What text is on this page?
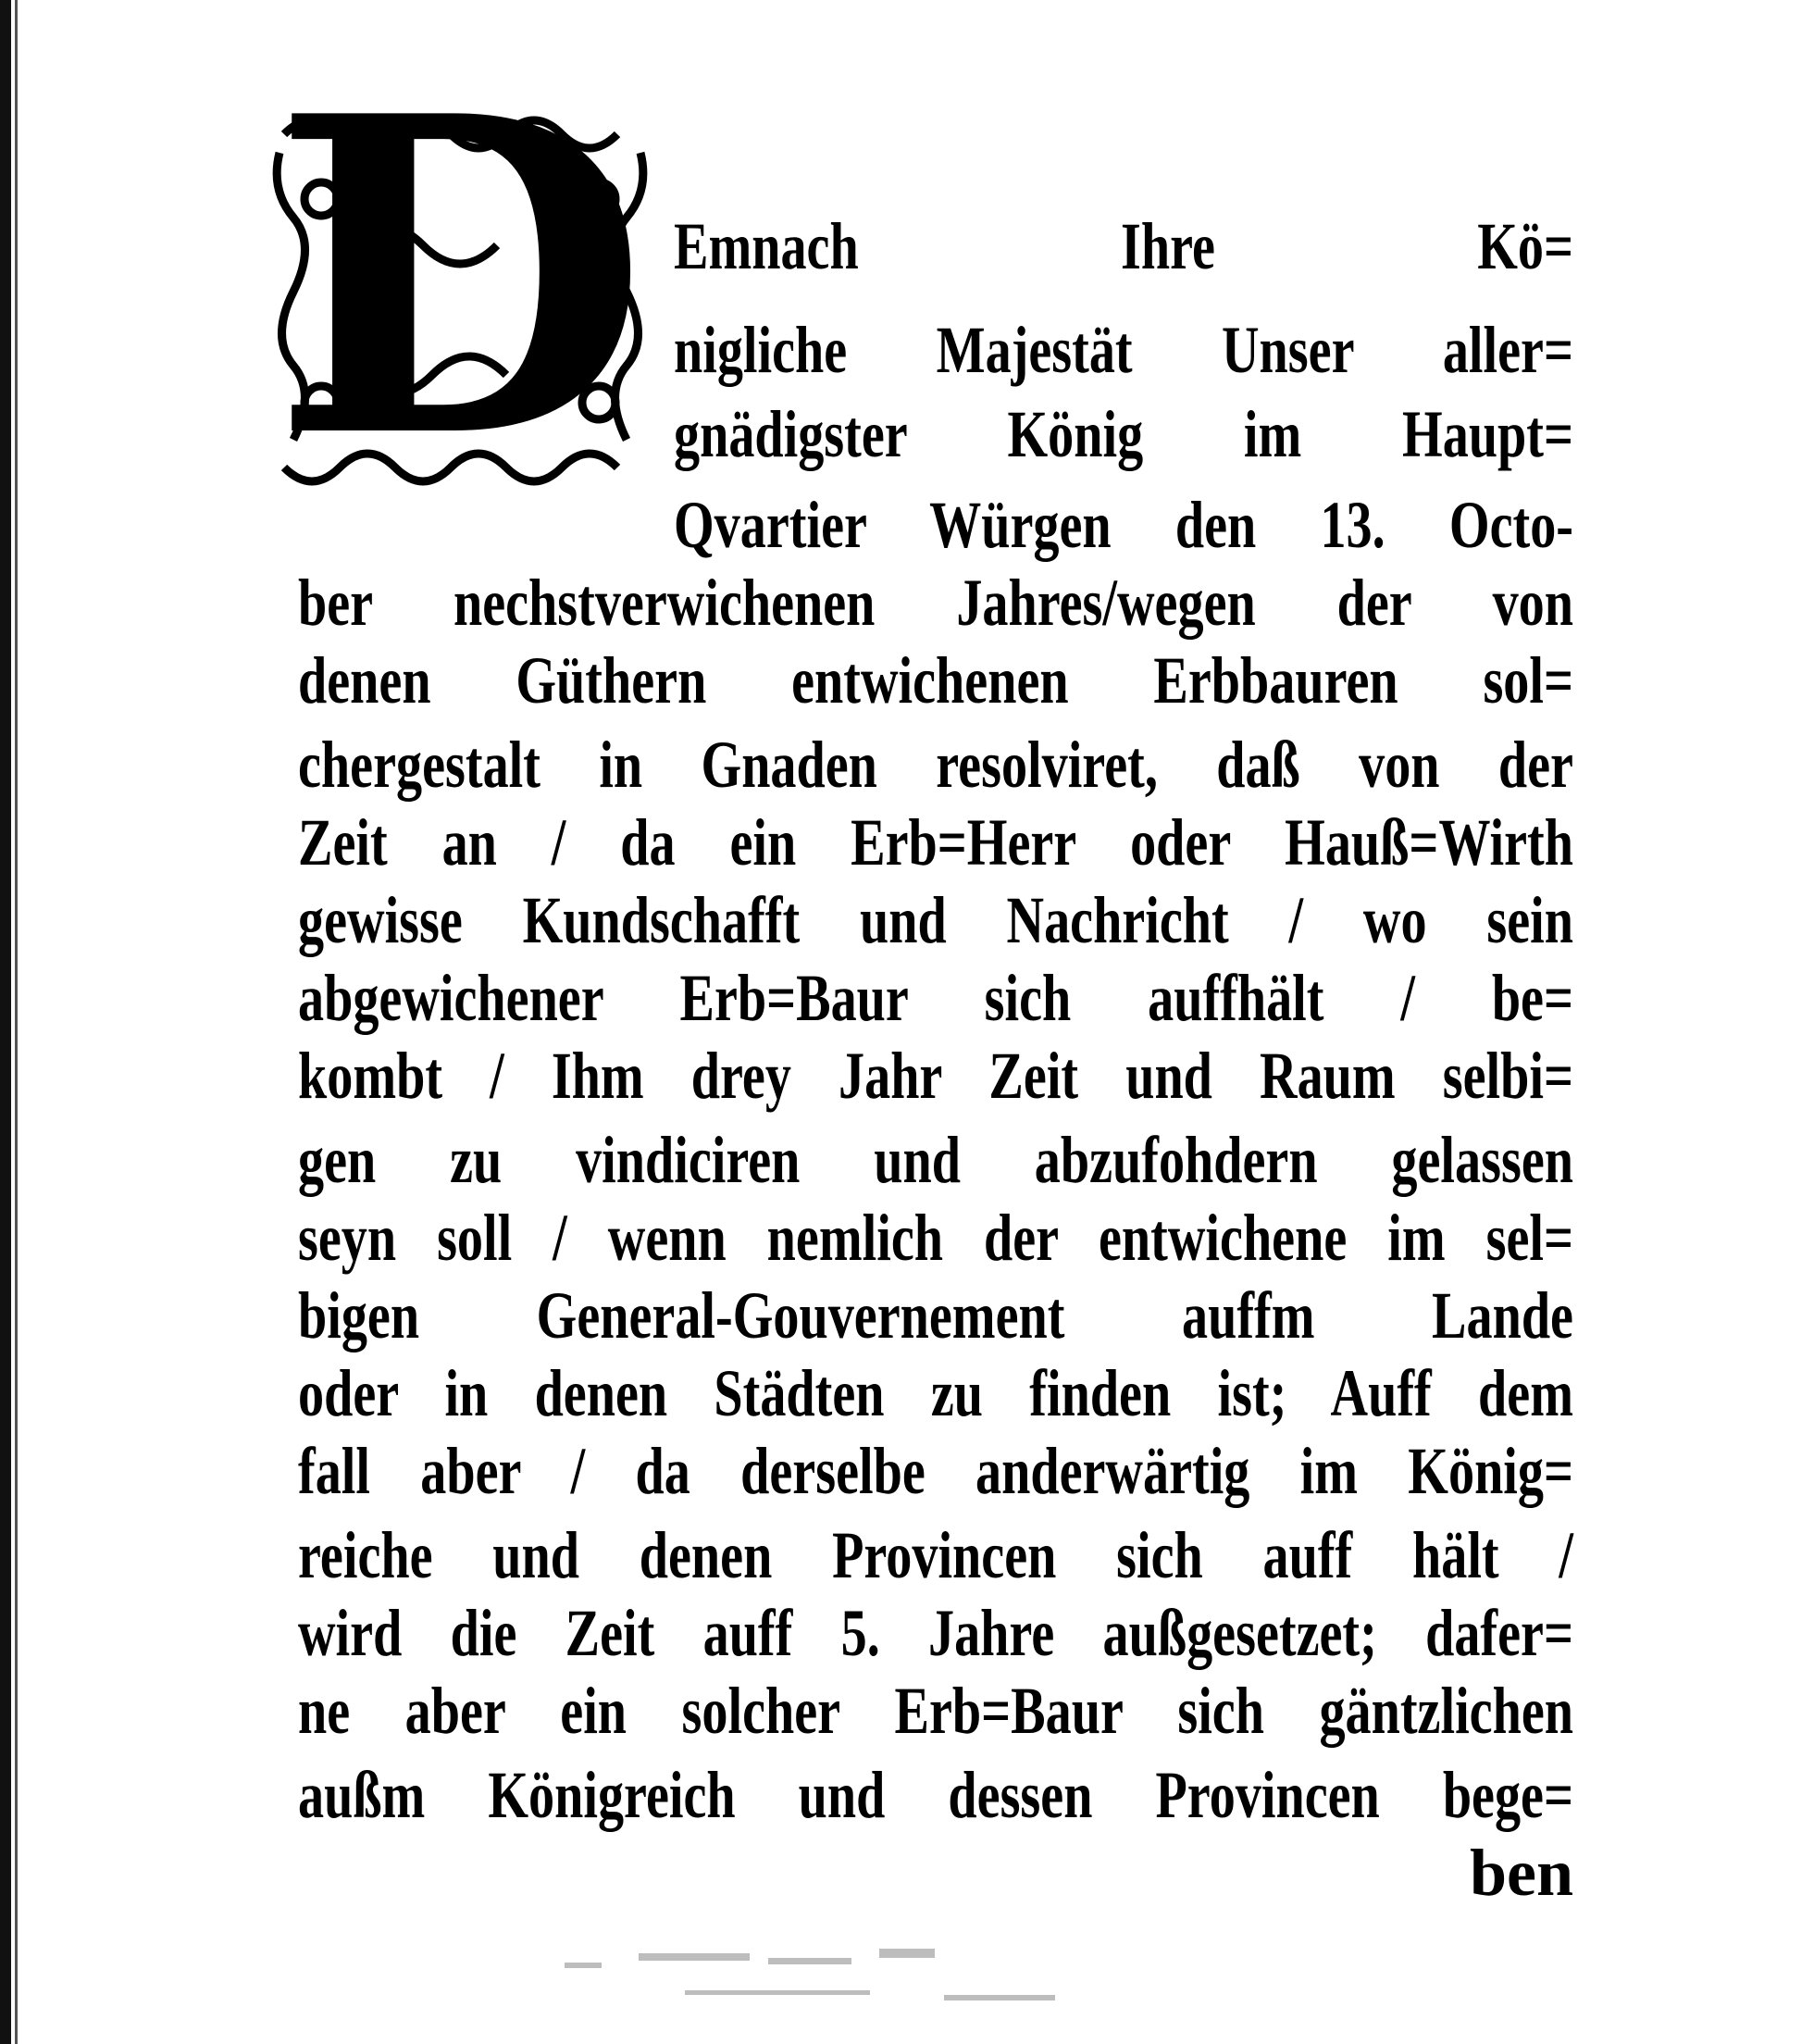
D Emnach Ihre Kö=
nigliche Majestät Unser aller=
gnädigster König im Haupt=
Qvartier Würgen den 13. Octo-
ber nechstverwichenen Jahres/wegen der von
denen Güthern entwichenen Erbbauren sol=
chergestalt in Gnaden resolviret, daß von der
Zeit an / da ein Erb=Herr oder Hauß=Wirth
gewisse Kundschafft und Nachricht / wo sein
abgewichener Erb=Baur sich auffhält / be=
kombt / Ihm drey Jahr Zeit und Raum selbi=
gen zu vindiciren und abzufohdern gelassen
seyn soll / wenn nemlich der entwichene im sel=
bigen General-Gouvernement auffm Lande
oder in denen Städten zu finden ist; Auff dem
fall aber / da derselbe anderwärtig im König=
reiche und denen Provincen sich auff hält /
wird die Zeit auff 5. Jahre außgesetzet; dafer=
ne aber ein solcher Erb=Baur sich gäntzlichen
außm Königreich und dessen Provincen bege=
ben
